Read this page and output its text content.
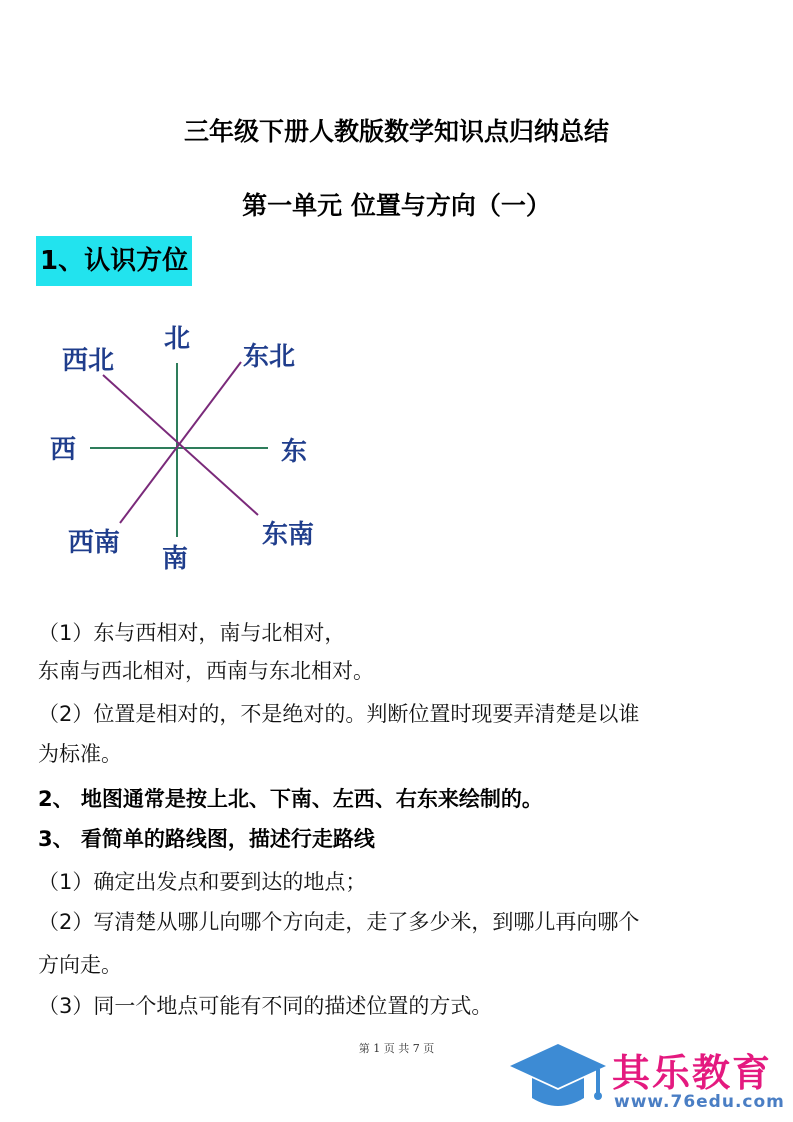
三年级下册人教版数学知识点归纳总结
第一单元 位置与方向（一）
1、认识方位
北
西北	东北
西	东
西南
南
东南
（1）东与西相对，南与北相对，
东南与西北相对，西南与东北相对。
（2）位置是相对的，不是绝对的。判断位置时现要弄清楚是以谁
为标准。
2、 地图通常是按上北、下南、左西、右东来绘制的。
3、 看简单的路线图，描述行走路线
（1）确定出发点和要到达的地点；
（2）写清楚从哪儿向哪个方向走，走了多少米，到哪儿再向哪个
方向走。
（3）同一个地点可能有不同的描述位置的方式。
第 1 页 共 7 页
其乐教育
www.76edu.com
